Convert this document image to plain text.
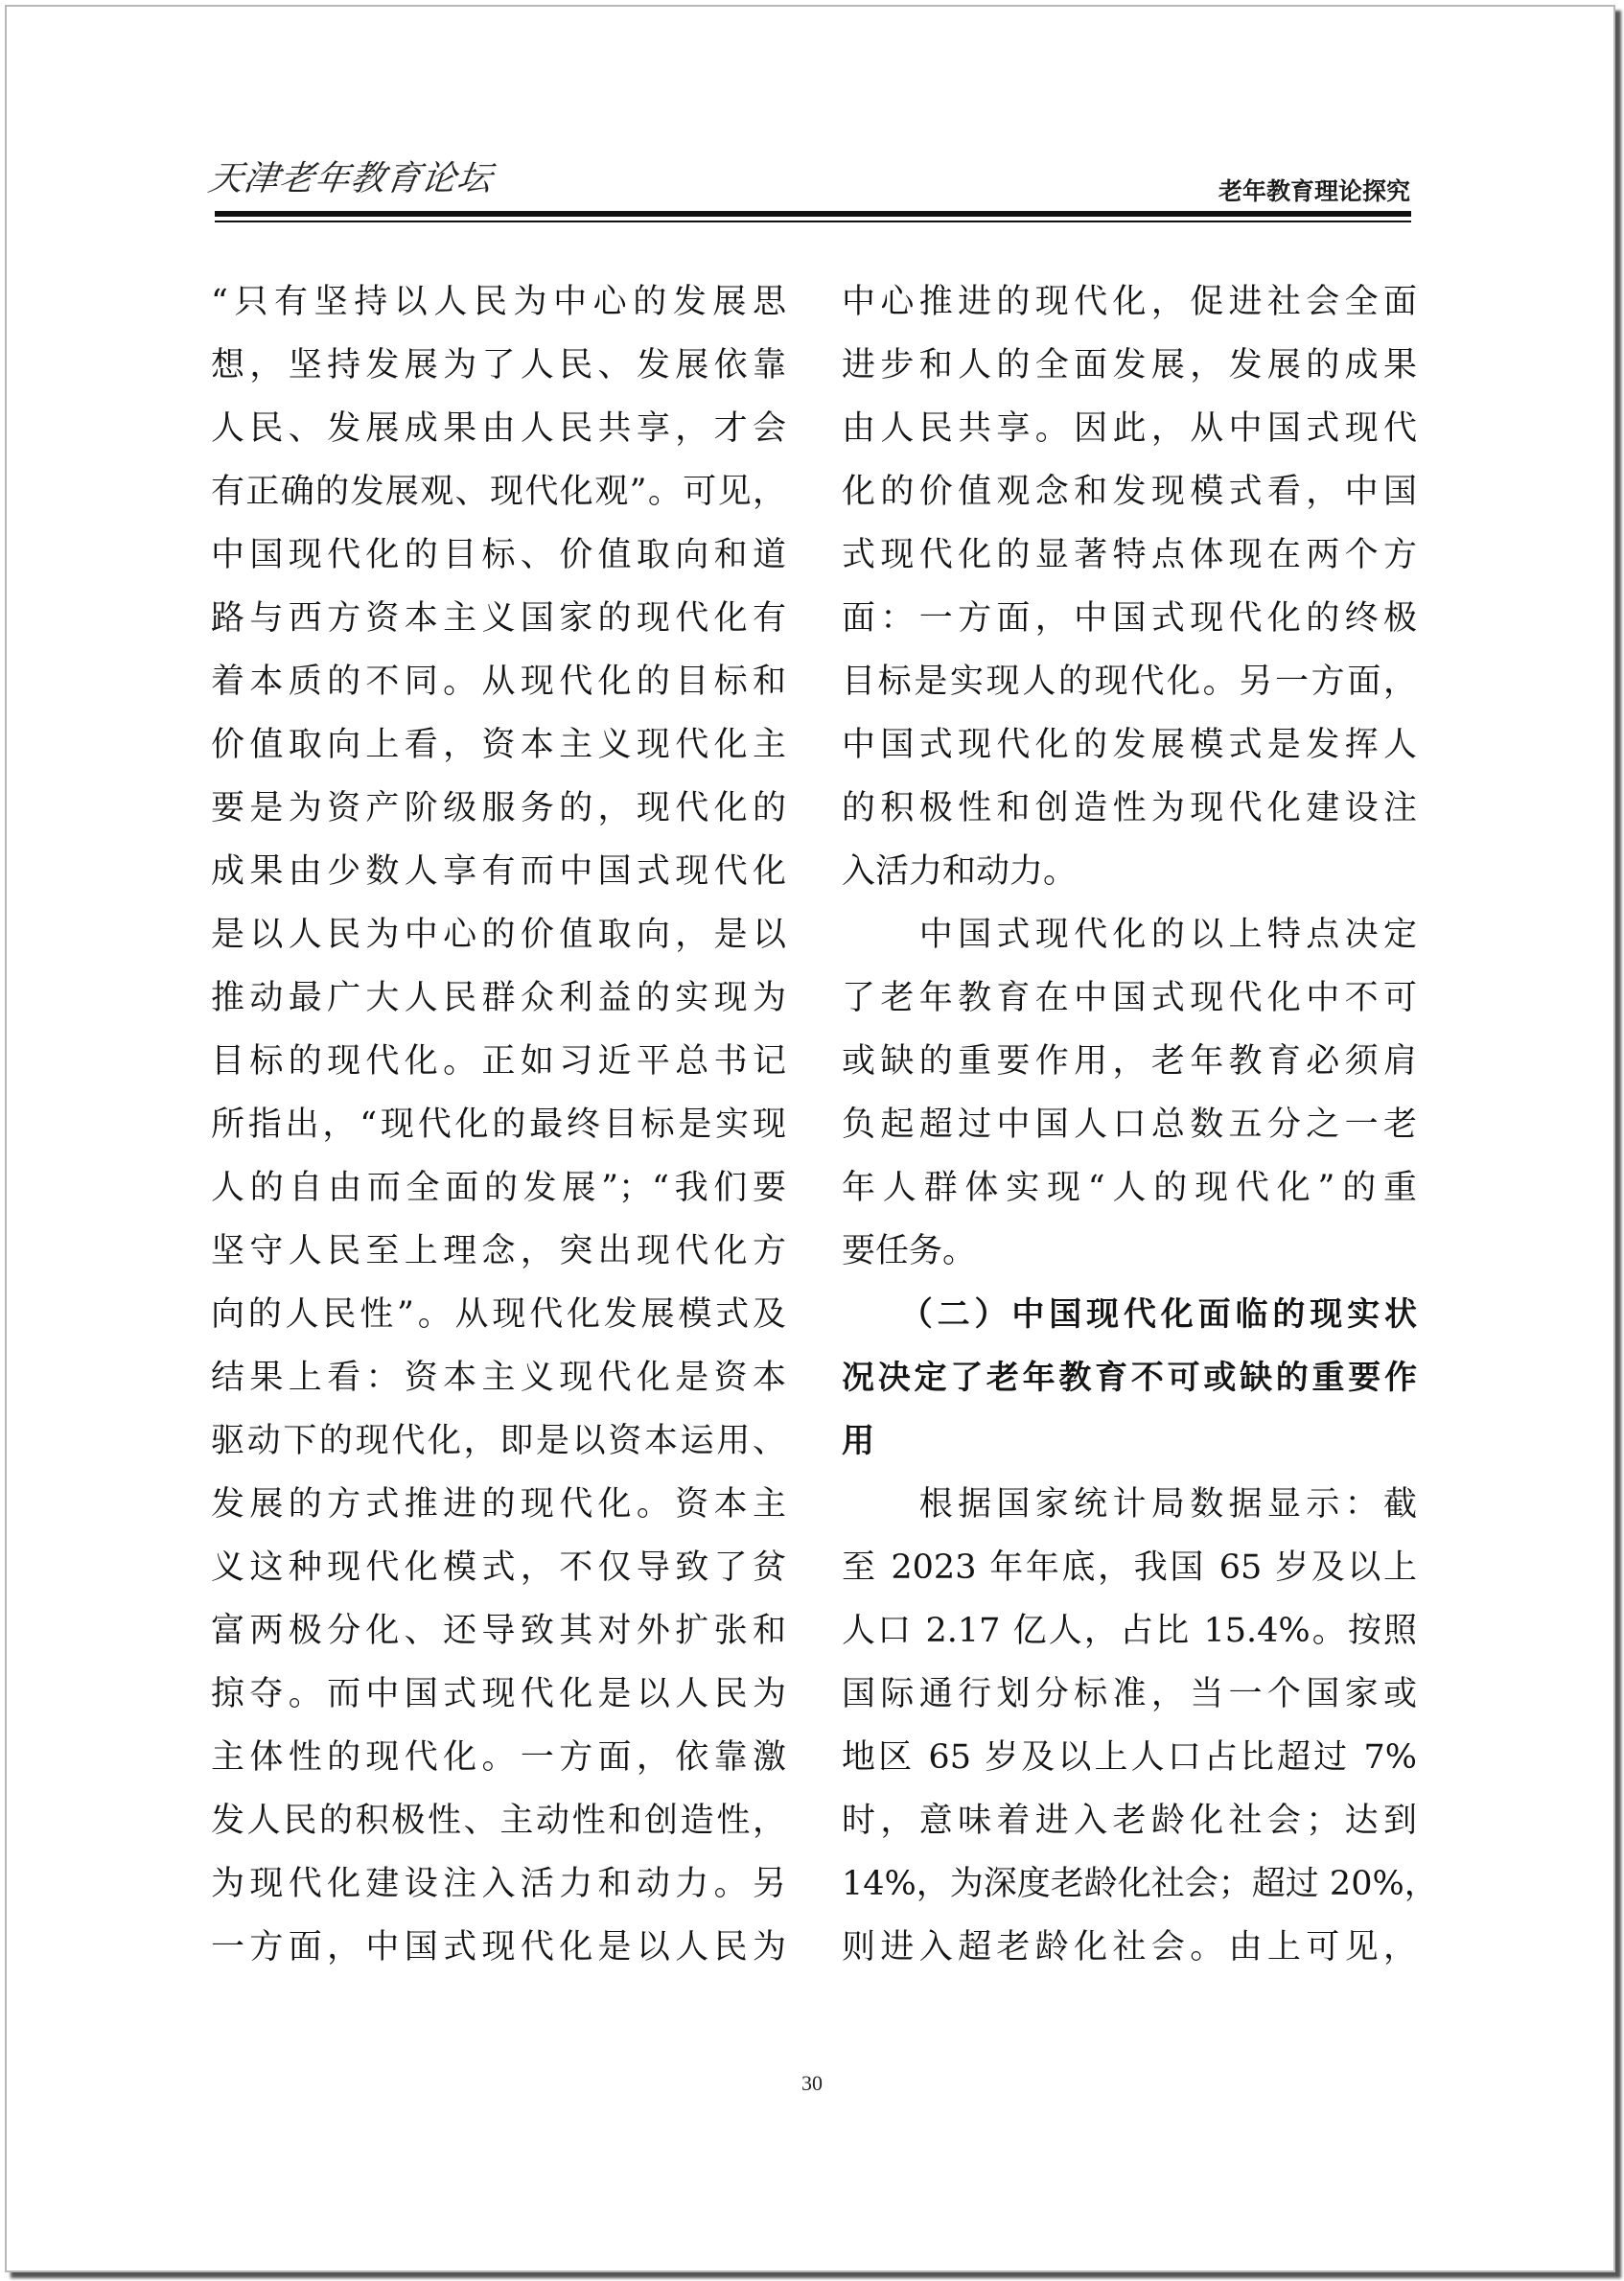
天津老年教育论坛	老年教育理论探究
“只有坚持以人民为中心的发展思
想，坚持发展为了人民、发展依靠
人民、发展成果由人民共享，才会
有正确的发展观、现代化观”。可见，
中国现代化的目标、价值取向和道
路与西方资本主义国家的现代化有
着本质的不同。从现代化的目标和
价值取向上看，资本主义现代化主
要是为资产阶级服务的，现代化的
成果由少数人享有而中国式现代化
是以人民为中心的价值取向，是以
推动最广大人民群众利益的实现为
目标的现代化。正如习近平总书记
所指出，“现代化的最终目标是实现
人的自由而全面的发展”；“我们要
坚守人民至上理念，突出现代化方
向的人民性”。从现代化发展模式及
结果上看：资本主义现代化是资本
驱动下的现代化，即是以资本运用、
发展的方式推进的现代化。资本主
义这种现代化模式，不仅导致了贫
富两极分化、还导致其对外扩张和
掠夺。而中国式现代化是以人民为
主体性的现代化。一方面，依靠激
发人民的积极性、主动性和创造性，
为现代化建设注入活力和动力。另
一方面，中国式现代化是以人民为
中心推进的现代化，促进社会全面
进步和人的全面发展，发展的成果
由人民共享。因此，从中国式现代
化的价值观念和发现模式看，中国
式现代化的显著特点体现在两个方
面：一方面，中国式现代化的终极
目标是实现人的现代化。另一方面，
中国式现代化的发展模式是发挥人
的积极性和创造性为现代化建设注
入活力和动力。
　　中国式现代化的以上特点决定
了老年教育在中国式现代化中不可
或缺的重要作用，老年教育必须肩
负起超过中国人口总数五分之一老
年人群体实现“人的现代化”的重
要任务。
　　（二）中国现代化面临的现实状
况决定了老年教育不可或缺的重要作
用
　　根据国家统计局数据显示：截
至 2023 年年底，我国 65 岁及以上
人口 2.17 亿人，占比 15.4%。按照
国际通行划分标准，当一个国家或
地区 65 岁及以上人口占比超过 7%
时，意味着进入老龄化社会；达到
14%，为深度老龄化社会；超过 20%，
则进入超老龄化社会。由上可见，
30
